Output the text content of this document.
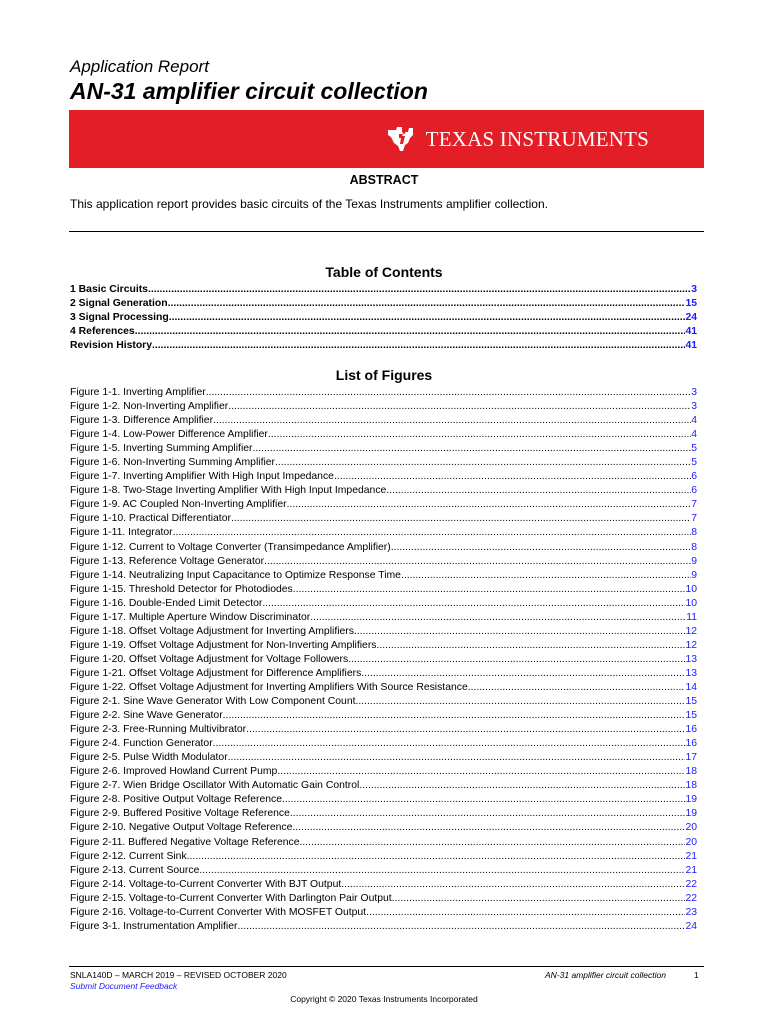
Application Report
AN-31 amplifier circuit collection
TEXAS INSTRUMENTS
ABSTRACT
This application report provides basic circuits of the Texas Instruments amplifier collection.
Table of Contents
1 Basic Circuits .....	3
2 Signal Generation .....	15
3 Signal Processing .....	24
4 References .....	41
Revision History .....	41
List of Figures
Figure 1-1. Inverting Amplifier .....	3
Figure 1-2. Non-Inverting Amplifier .....	3
Figure 1-3. Difference Amplifier .....	4
Figure 1-4. Low-Power Difference Amplifier .....	4
Figure 1-5. Inverting Summing Amplifier .....	5
Figure 1-6. Non-Inverting Summing Amplifier .....	5
Figure 1-7. Inverting Amplifier With High Input Impedance .....	6
Figure 1-8. Two-Stage Inverting Amplifier With High Input Impedance .....	6
Figure 1-9. AC Coupled Non-Inverting Amplifier .....	7
Figure 1-10. Practical Differentiator .....	7
Figure 1-11. Integrator .....	8
Figure 1-12. Current to Voltage Converter (Transimpedance Amplifier) .....	8
Figure 1-13. Reference Voltage Generator .....	9
Figure 1-14. Neutralizing Input Capacitance to Optimize Response Time .....	9
Figure 1-15. Threshold Detector for Photodiodes .....	10
Figure 1-16. Double-Ended Limit Detector .....	10
Figure 1-17. Multiple Aperture Window Discriminator .....	11
Figure 1-18. Offset Voltage Adjustment for Inverting Amplifiers .....	12
Figure 1-19. Offset Voltage Adjustment for Non-Inverting Amplifiers .....	12
Figure 1-20. Offset Voltage Adjustment for Voltage Followers .....	13
Figure 1-21. Offset Voltage Adjustment for Difference Amplifiers .....	13
Figure 1-22. Offset Voltage Adjustment for Inverting Amplifiers With Source Resistance .....	14
Figure 2-1. Sine Wave Generator With Low Component Count .....	15
Figure 2-2. Sine Wave Generator .....	15
Figure 2-3. Free-Running Multivibrator .....	16
Figure 2-4. Function Generator .....	16
Figure 2-5. Pulse Width Modulator .....	17
Figure 2-6. Improved Howland Current Pump .....	18
Figure 2-7. Wien Bridge Oscillator With Automatic Gain Control .....	18
Figure 2-8. Positive Output Voltage Reference .....	19
Figure 2-9. Buffered Positive Voltage Reference .....	19
Figure 2-10. Negative Output Voltage Reference .....	20
Figure 2-11. Buffered Negative Voltage Reference .....	20
Figure 2-12. Current Sink .....	21
Figure 2-13. Current Source .....	21
Figure 2-14. Voltage-to-Current Converter With BJT Output .....	22
Figure 2-15. Voltage-to-Current Converter With Darlington Pair Output .....	22
Figure 2-16. Voltage-to-Current Converter With MOSFET Output .....	23
Figure 3-1. Instrumentation Amplifier .....	24
SNLA140D – MARCH 2019 – REVISED OCTOBER 2020
Submit Document Feedback
AN-31 amplifier circuit collection	1
Copyright © 2020 Texas Instruments Incorporated
